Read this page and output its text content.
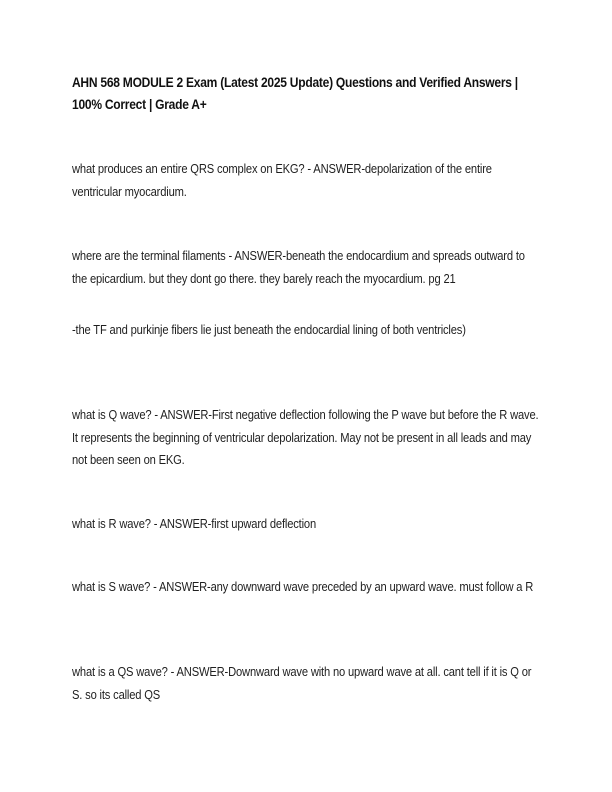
AHN 568 MODULE 2 Exam (Latest 2025 Update) Questions and Verified Answers | 100% Correct | Grade A+

what produces an entire QRS complex on EKG? - ANSWER-depolarization of the entire ventricular myocardium.

where are the terminal filaments - ANSWER-beneath the endocardium and spreads outward to the epicardium. but they dont go there. they barely reach the myocardium. pg 21

-the TF and purkinje fibers lie just beneath the endocardial lining of both ventricles)

what is Q wave? - ANSWER-First negative deflection following the P wave but before the R wave. It represents the beginning of ventricular depolarization. May not be present in all leads and may not been seen on EKG.

what is R wave? - ANSWER-first upward deflection

what is S wave? - ANSWER-any downward wave preceded by an upward wave. must follow a R

what is a QS wave? - ANSWER-Downward wave with no upward wave at all. cant tell if it is Q or S. so its called QS
